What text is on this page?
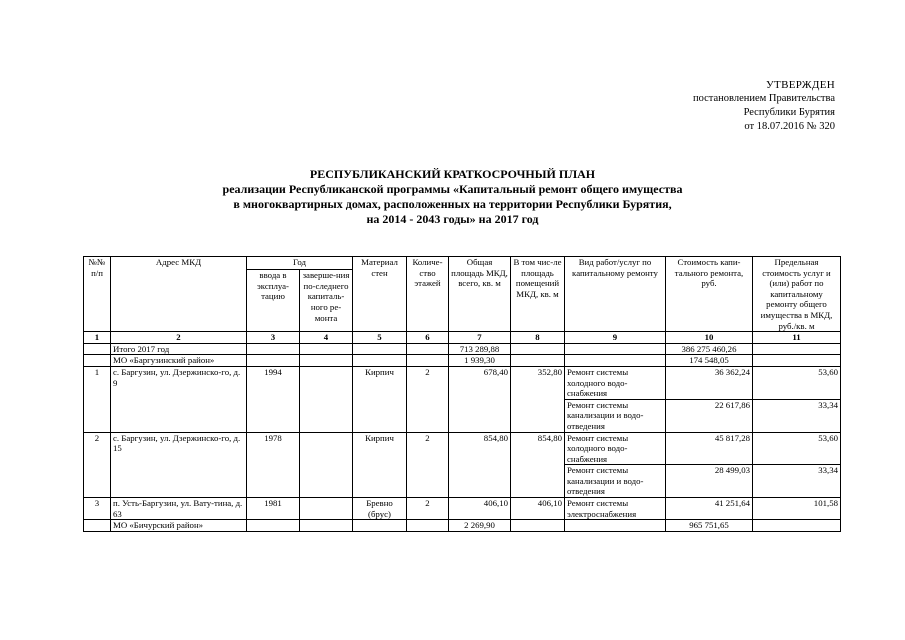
УТВЕРЖДЕН
постановлением Правительства
Республики Бурятия
от 18.07.2016 № 320
РЕСПУБЛИКАНСКИЙ КРАТКОСРОЧНЫЙ ПЛАН
реализации Республиканской программы «Капитальный ремонт общего имущества
в многоквартирных домах, расположенных на территории Республики Бурятия,
на 2014 - 2043 годы» на 2017 год
№№ п/п	Адрес МКД	Год		Материал стен	Количе-ство этажей	Общая площадь МКД, всего, кв. м	В том чис-ле площадь помещений МКД, кв. м	Вид работ/услуг по капитальному ремонту	Стоимость капи-тального ремонта, руб.	Предельная стоимость услуг и (или) работ по капитальному ремонту общего имущества в МКД, руб./кв. м
		ввода в эксплуа-тацию	заверше-ния по-следнего капиталь-ного ре-монта							
1	2	3	4	5	6	7	8	9	10	11
	Итого 2017 год					713 289,88			386 275 460,26	
	МО «Баргузинский район»					1 939,30			174 548,05	
1	с. Баргузин, ул. Дзержинско-го, д. 9	1994		Кирпич	2	678,40	352,80	Ремонт системы холодного водо-снабжения	36 362,24	53,60
								Ремонт системы канализации и водо-отведения	22 617,86	33,34
2	с. Баргузин, ул. Дзержинско-го, д. 15	1978		Кирпич	2	854,80	854,80	Ремонт системы холодного водо-снабжения	45 817,28	53,60
								Ремонт системы канализации и водо-отведения	28 499,03	33,34
3	п. Усть-Баргузин, ул. Вату-тина, д. 63	1981		Бревно (брус)	2	406,10	406,10	Ремонт системы электроснабжения	41 251,64	101,58
	МО «Бичурский район»					2 269,90			965 751,65	
